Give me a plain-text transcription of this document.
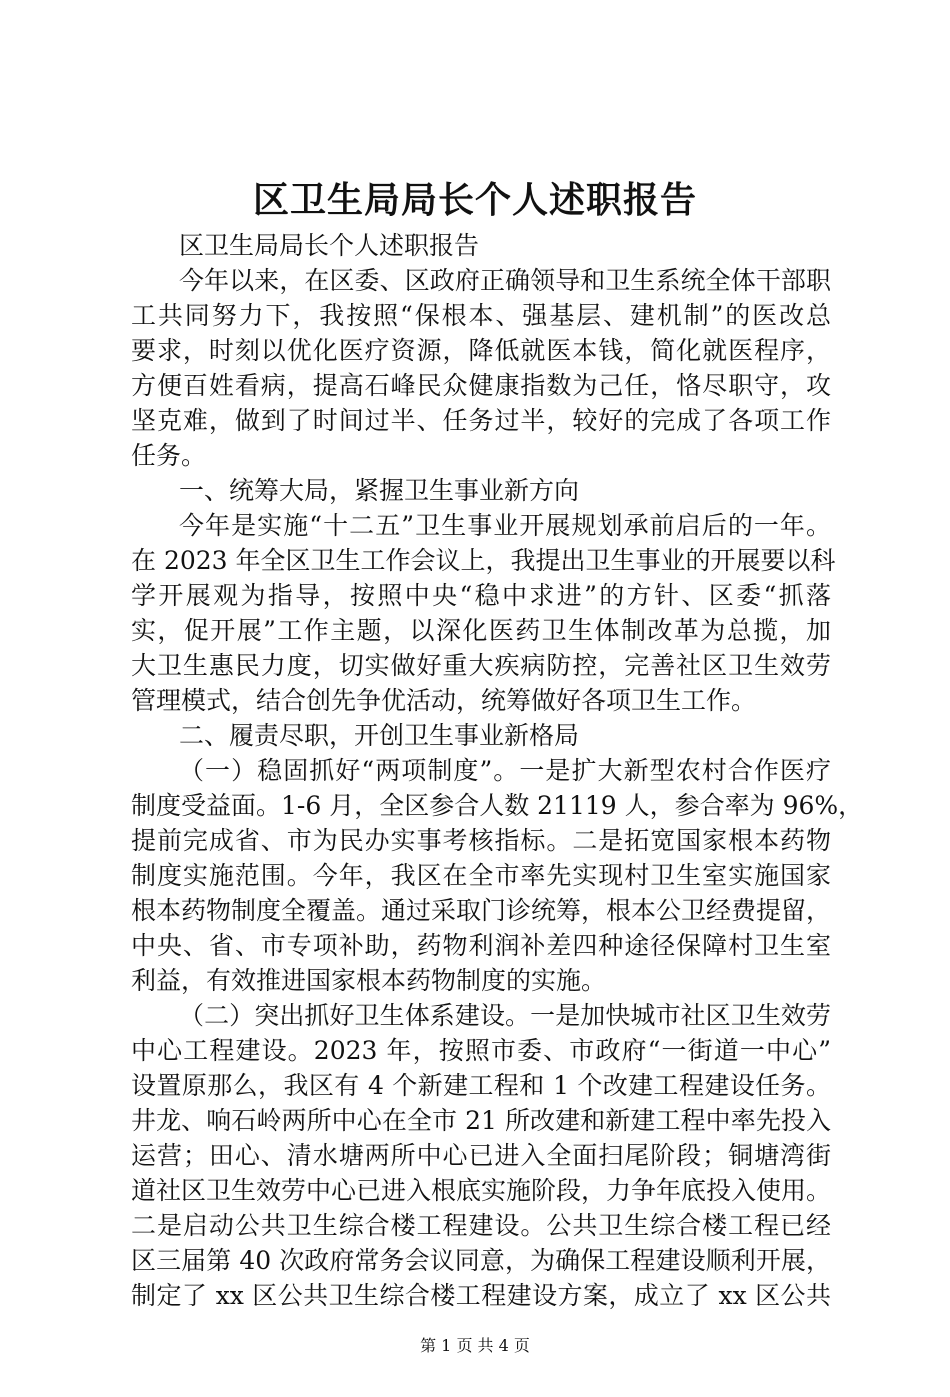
区卫生局局长个人述职报告
区卫生局局长个人述职报告
今年以来，在区委、区政府正确领导和卫生系统全体干部职
工共同努力下，我按照“保根本、强基层、建机制”的医改总
要求，时刻以优化医疗资源，降低就医本钱，简化就医程序，
方便百姓看病，提高石峰民众健康指数为己任，恪尽职守，攻
坚克难，做到了时间过半、任务过半，较好的完成了各项工作
任务。
一、统筹大局，紧握卫生事业新方向
今年是实施“十二五”卫生事业开展规划承前启后的一年。
在 2023 年全区卫生工作会议上，我提出卫生事业的开展要以科
学开展观为指导，按照中央“稳中求进”的方针、区委“抓落
实，促开展”工作主题，以深化医药卫生体制改革为总揽，加
大卫生惠民力度，切实做好重大疾病防控，完善社区卫生效劳
管理模式，结合创先争优活动，统筹做好各项卫生工作。
二、履责尽职，开创卫生事业新格局
（一）稳固抓好“两项制度”。一是扩大新型农村合作医疗
制度受益面。1-6 月，全区参合人数 21119 人，参合率为 96%，
提前完成省、市为民办实事考核指标。二是拓宽国家根本药物
制度实施范围。今年，我区在全市率先实现村卫生室实施国家
根本药物制度全覆盖。通过采取门诊统筹，根本公卫经费提留，
中央、省、市专项补助，药物利润补差四种途径保障村卫生室
利益，有效推进国家根本药物制度的实施。
（二）突出抓好卫生体系建设。一是加快城市社区卫生效劳
中心工程建设。2023 年，按照市委、市政府“一街道一中心”
设置原那么，我区有 4 个新建工程和 1 个改建工程建设任务。
井龙、响石岭两所中心在全市 21 所改建和新建工程中率先投入
运营；田心、清水塘两所中心已进入全面扫尾阶段；铜塘湾街
道社区卫生效劳中心已进入根底实施阶段，力争年底投入使用。
二是启动公共卫生综合楼工程建设。公共卫生综合楼工程已经
区三届第 40 次政府常务会议同意，为确保工程建设顺利开展，
制定了 xx 区公共卫生综合楼工程建设方案，成立了 xx 区公共
第 1 页 共 4 页
